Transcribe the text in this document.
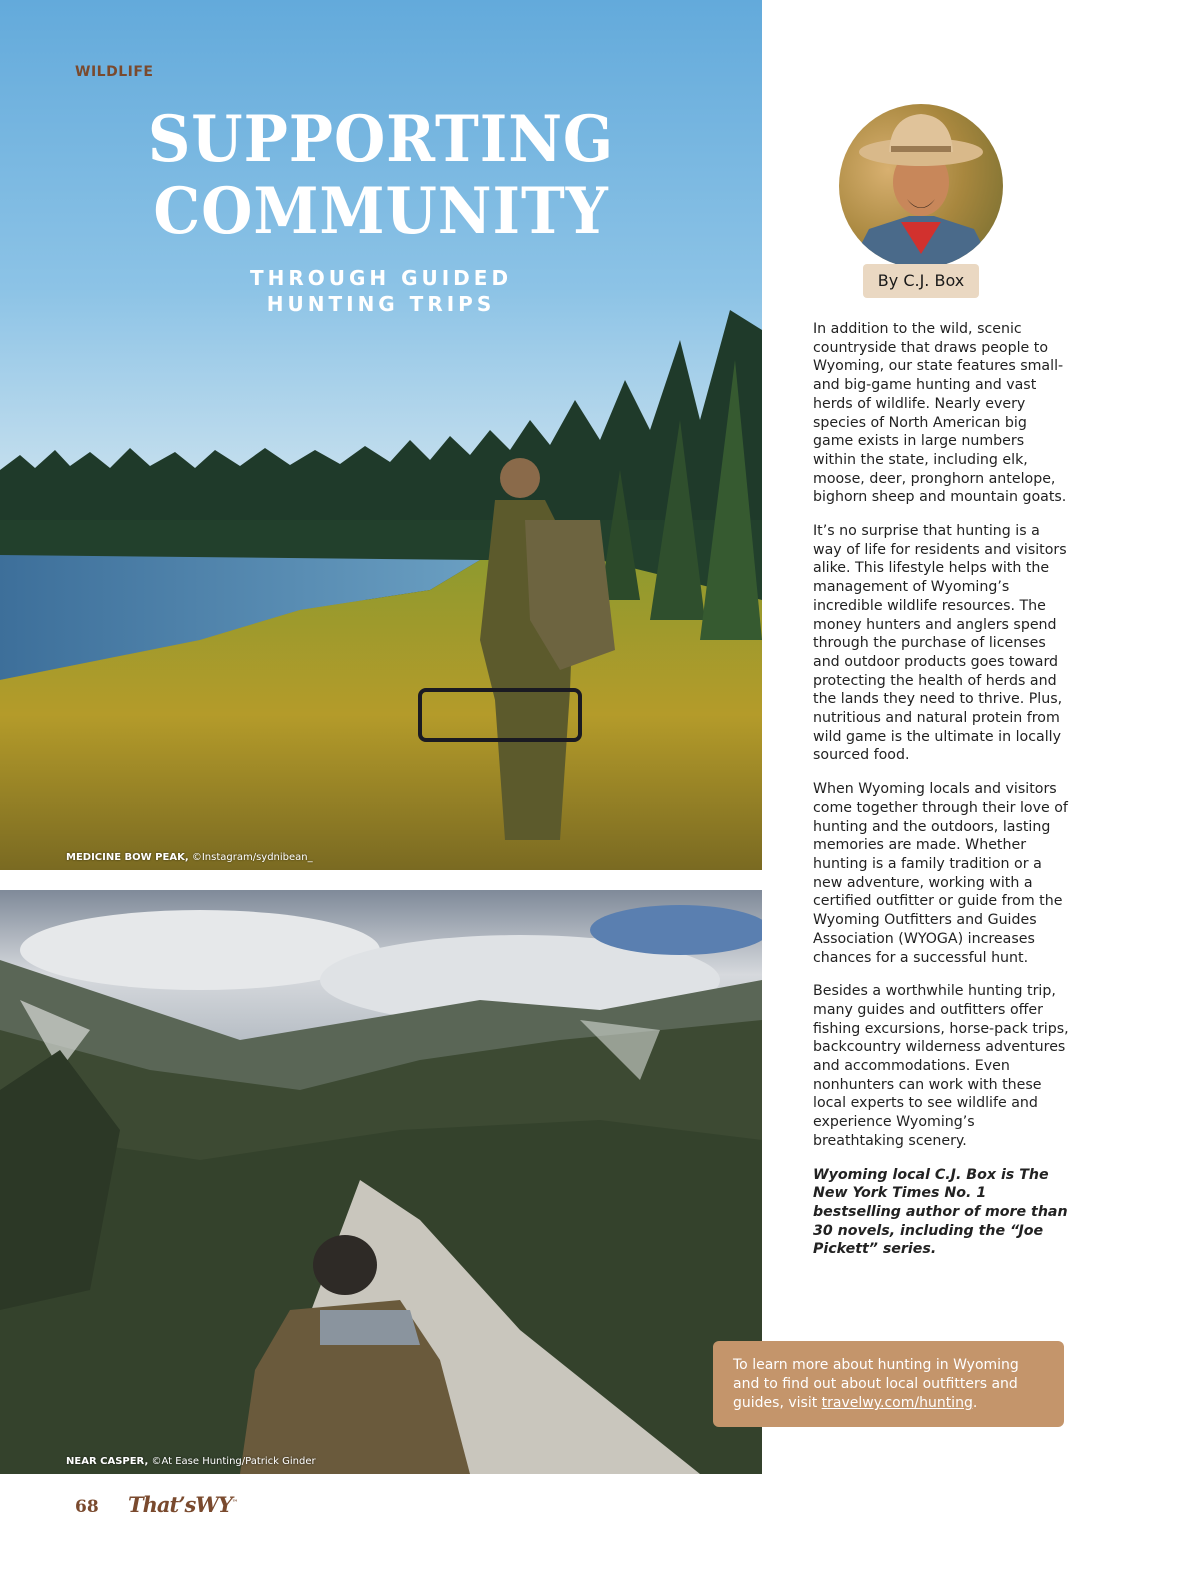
WILDLIFE
SUPPORTING
COMMUNITY
THROUGH GUIDED
HUNTING TRIPS
MEDICINE BOW PEAK, ©Instagram/sydnibean_
NEAR CASPER, ©At Ease Hunting/Patrick Ginder
By C.J. Box

In addition to the wild, scenic countryside that draws people to Wyoming, our state features small- and big-game hunting and vast herds of wildlife. Nearly every species of North American big game exists in large numbers within the state, including elk, moose, deer, pronghorn antelope, bighorn sheep and mountain goats.

It’s no surprise that hunting is a way of life for residents and visitors alike. This lifestyle helps with the management of Wyoming’s incredible wildlife resources. The money hunters and anglers spend through the purchase of licenses and outdoor products goes toward protecting the health of herds and the lands they need to thrive. Plus, nutritious and natural protein from wild game is the ultimate in locally sourced food.

When Wyoming locals and visitors come together through their love of hunting and the outdoors, lasting memories are made. Whether hunting is a family tradition or a new adventure, working with a certified outfitter or guide from the Wyoming Outfitters and Guides Association (WYOGA) increases chances for a successful hunt.

Besides a worthwhile hunting trip, many guides and outfitters offer fishing excursions, horse-pack trips, backcountry wilderness adventures and accommodations. Even nonhunters can work with these local experts to see wildlife and experience Wyoming’s breathtaking scenery.

Wyoming local C.J. Box is The New York Times No. 1 bestselling author of more than 30 novels, including the “Joe Pickett” series.

To learn more about hunting in Wyoming and to find out about local outfitters and guides, visit travelwy.com/hunting.
68 That’sWY™
